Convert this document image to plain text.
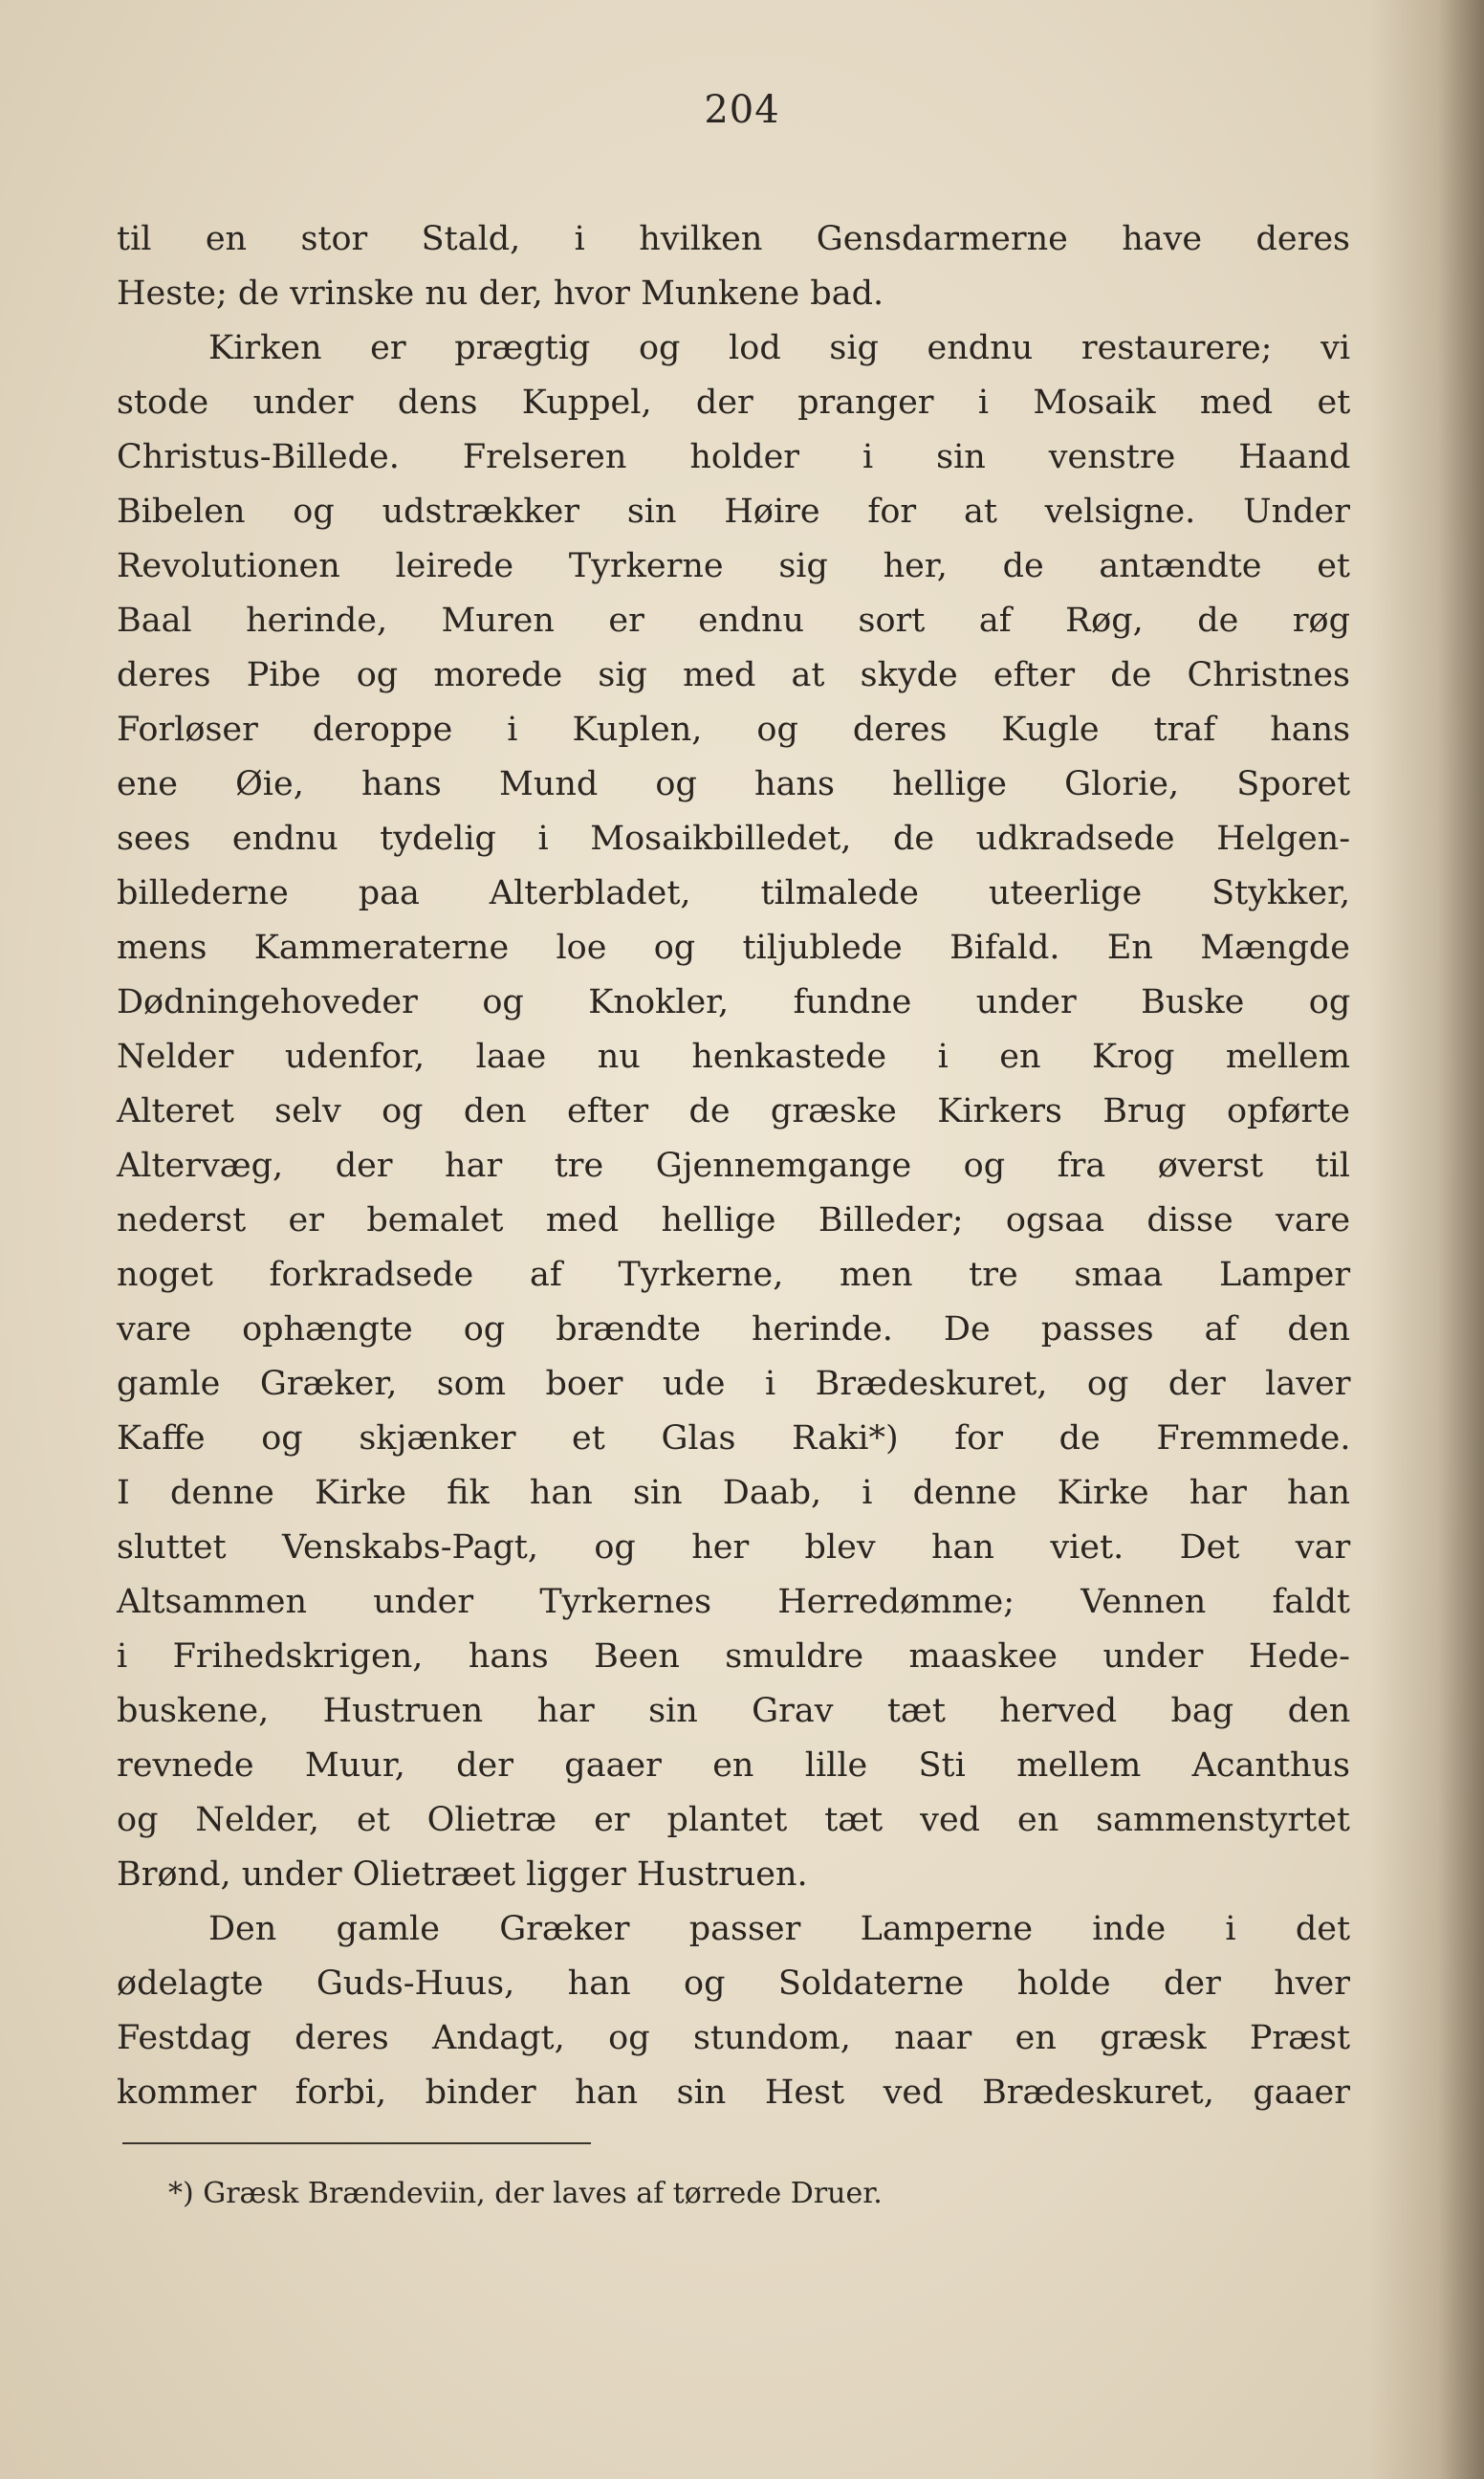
204

til en stor Stald, i hvilken Gensdarmerne have deres
Heste; de vrinske nu der, hvor Munkene bad.

Kirken er prægtig og lod sig endnu restaurere; vi
stode under dens Kuppel, der pranger i Mosaik med et
Christus-Billede. Frelseren holder i sin venstre Haand
Bibelen og udstrækker sin Høire for at velsigne. Under
Revolutionen leirede Tyrkerne sig her, de antændte et
Baal herinde, Muren er endnu sort af Røg, de røg
deres Pibe og morede sig med at skyde efter de Christnes
Forløser deroppe i Kuplen, og deres Kugle traf hans
ene Øie, hans Mund og hans hellige Glorie, Sporet
sees endnu tydelig i Mosaikbilledet, de udkradsede Helgen-
billederne paa Alterbladet, tilmalede uteerlige Stykker,
mens Kammeraterne loe og tiljublede Bifald. En Mængde
Dødningehoveder og Knokler, fundne under Buske og
Nelder udenfor, laae nu henkastede i en Krog mellem
Alteret selv og den efter de græske Kirkers Brug opførte
Altervæg, der har tre Gjennemgange og fra øverst til
nederst er bemalet med hellige Billeder; ogsaa disse vare
noget forkradsede af Tyrkerne, men tre smaa Lamper
vare ophængte og brændte herinde. De passes af den
gamle Græker, som boer ude i Brædeskuret, og der laver
Kaffe og skjænker et Glas Raki*) for de Fremmede.
I denne Kirke fik han sin Daab, i denne Kirke har han
sluttet Venskabs-Pagt, og her blev han viet. Det var
Altsammen under Tyrkernes Herredømme; Vennen faldt
i Frihedskrigen, hans Been smuldre maaskee under Hede-
buskene, Hustruen har sin Grav tæt herved bag den
revnede Muur, der gaaer en lille Sti mellem Acanthus
og Nelder, et Olietræ er plantet tæt ved en sammenstyrtet
Brønd, under Olietræet ligger Hustruen.

Den gamle Græker passer Lamperne inde i det
ødelagte Guds-Huus, han og Soldaterne holde der hver
Festdag deres Andagt, og stundom, naar en græsk Præst
kommer forbi, binder han sin Hest ved Brædeskuret, gaaer

*) Græsk Brændeviin, der laves af tørrede Druer.
